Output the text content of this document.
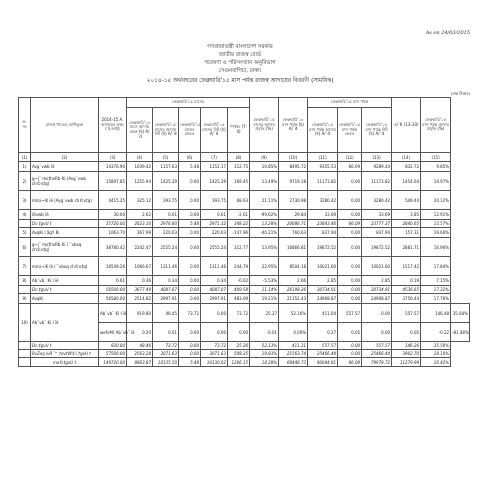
As on 24/03/2015
গণপ্রজাতন্ত্রী বাংলাদেশ সরকার
জাতীয় রাজস্ব বোর্ড
গবেষণা ও পরিসংখ্যান অনুবিভাগ
সেগুনবাগিচা, ঢাকা।
২০১৪-১৫ অর্থবছরের ফেব্রুয়ারি'১৫ মাস পর্যন্ত রাজস্ব আদায়ের বিবরণী (সাময়িক)
(লক্ষ টাকায়)
ক্র. নং	রাজস্ব খাতের শ্রেণিভুক্ত	2014-15 A. আদায়ের লক্ষ্য ( ই.আই)	ফেব্রুয়ারি'১৫ মাসের					ফেব্রুয়ারি'১৫ মাসের আদায় প্রবৃদ্ধি (%)	ফেব্রুয়ারি'১৪ মাস পর্যন্ত (ই) A/´d	ফেব্রুয়ারি'১৫ মাস পর্যন্ত			ত/´K (13-10)	ফেব্রুয়ারি'১৫ মাস পর্যন্ত আদায় প্রবৃদ্ধি (%)	
			ফেব্রুয়ারি'১৪ মাসে আদায় ফেব্রু (ই) A/´d	ফেব্রুয়ারি'১৫ মাসের আদায় নিট (ই) A/´d	ফেব্রুয়ারি'১৫ মাসের ফেরত	ফেব্রুয়ারি'১৫ মাসের নিট (ই) A/´d	পার্থক্য (7-4)			ফেব্রুয়ারি'১৫ মাস পর্যন্ত আদায় (ই) A/´d	ফেব্রুয়ারি'১৫ মাস পর্যন্ত ফেরত	ফেব্রুয়ারি'১৫ মাস পর্যন্ত নিট (ই) A/´d			
(1)	(2)	(3)	(4)	(5)	(6)	(7)	(8)	(9)	(10)	(11)	(12)	(13)	(14)	(15)	
1)	Avg`vwb ïé	14376.90	1039.42	1157.63	5.48	1152.17	112.75	10.85%	8495.72	9355.53	66.09	9289.44	832.72	9.85%	
2)	g~j¨ ms‡hvRb Ki (Avg`vwb ch©v‡q)	15897.85	1255.94	1425.39	0.00	1425.39	169.45	13.49%	9719.18	11173.82	0.00	11173.82	1454.64	14.97%	
3)	m¤ú~iK ïé (Avg`vwb ch©v‡q)	4415.25	325.12	393.75	0.00	393.75	68.63	21.11%	2730.98	3280.42	0.00	3280.42	549.44	20.12%	
4)	ißvwb ïé	30.00	2.62	0.01	0.00	0.01	-2.61	-99.62%	29.84	33.69	0.00	33.69	3.85	12.91%	
	Dc-‡gvU t	35720.00	2623.10	2976.80	5.48	2971.32	348.22	13.28%	20686.71	23843.46	66.09	23777.37	2840.65	13.57%	
5)	AvqKi I ågY Ki	1063.70	367.99	220.03	0.00	220.03	-147.96	-40.21%	760.63	837.94	0.00	837.94	157.31	19.60%	
6)	g~j¨ ms‡hvRb Ki (¯’vbxq ch©v‡q)	38780.42	2242.47	2555.24	0.00	2555.24	312.77	13.95%	16866.81	19872.52	0.00	19872.52	2881.71	16.96%	
7)	m¤ú~iK ïé (¯’vbxq ch©v‡q)	16549.26	1066.67	1311.46	0.00	1311.46	244.79	22.95%	8504.18	10021.60	0.00	10021.60	1517.42	17.84%	
8)	Ab¨vb¨ Ki I ïé	6.61	0.36	0.34	0.00	0.34	-0.02	-5.53%	2.66	2.85	0.00	2.85	0.19	7.15%	
	Dc-‡gvU t	56500.00	3677.49	4087.07	0.00	4087.07	409.58	11.14%	26198.26	30734.91	0.00	30734.91	4536.65	17.32%	
9)	AvqKi	56580.00	2514.82	2997.91	0.00	2997.91	483.09	19.21%	21152.43	24908.87	0.00	24908.87	3756.44	17.76%	
10)	Ab¨vb¨ Ki I ïé	Ab¨vb¨ Ki I ïé	919.80	48.45	73.72	0.00	73.72	25.27	52.16%	411.04	557.57	0.00	557.57	146.48	35.64%
		wefvM/ Ab¨vb¨ ïé	0.20	0.01	0.00	0.00	0.00	-0.01	0.00%	0.27	0.05	0.00	0.05	-0.22	-81.48%
	Dc-‡gvU t	920.00	48.46	73.72	0.00	73.72	25.26	52.13%	411.31	557.57	0.00	557.57	146.26	35.56%	
	RvZxq ivR¯^ †ev‡W©i †gvU t	57500.00	2563.28	3071.63	0.00	3071.63	508.35	19.83%	21563.74	25466.44	0.00	25466.44	3902.70	18.10%	
	me©‡gvU t	149720.00	8863.87	10135.50	5.48	10130.02	1266.15	14.28%	68448.73	80044.81	66.09	79978.72	11279.99	16.42%	
